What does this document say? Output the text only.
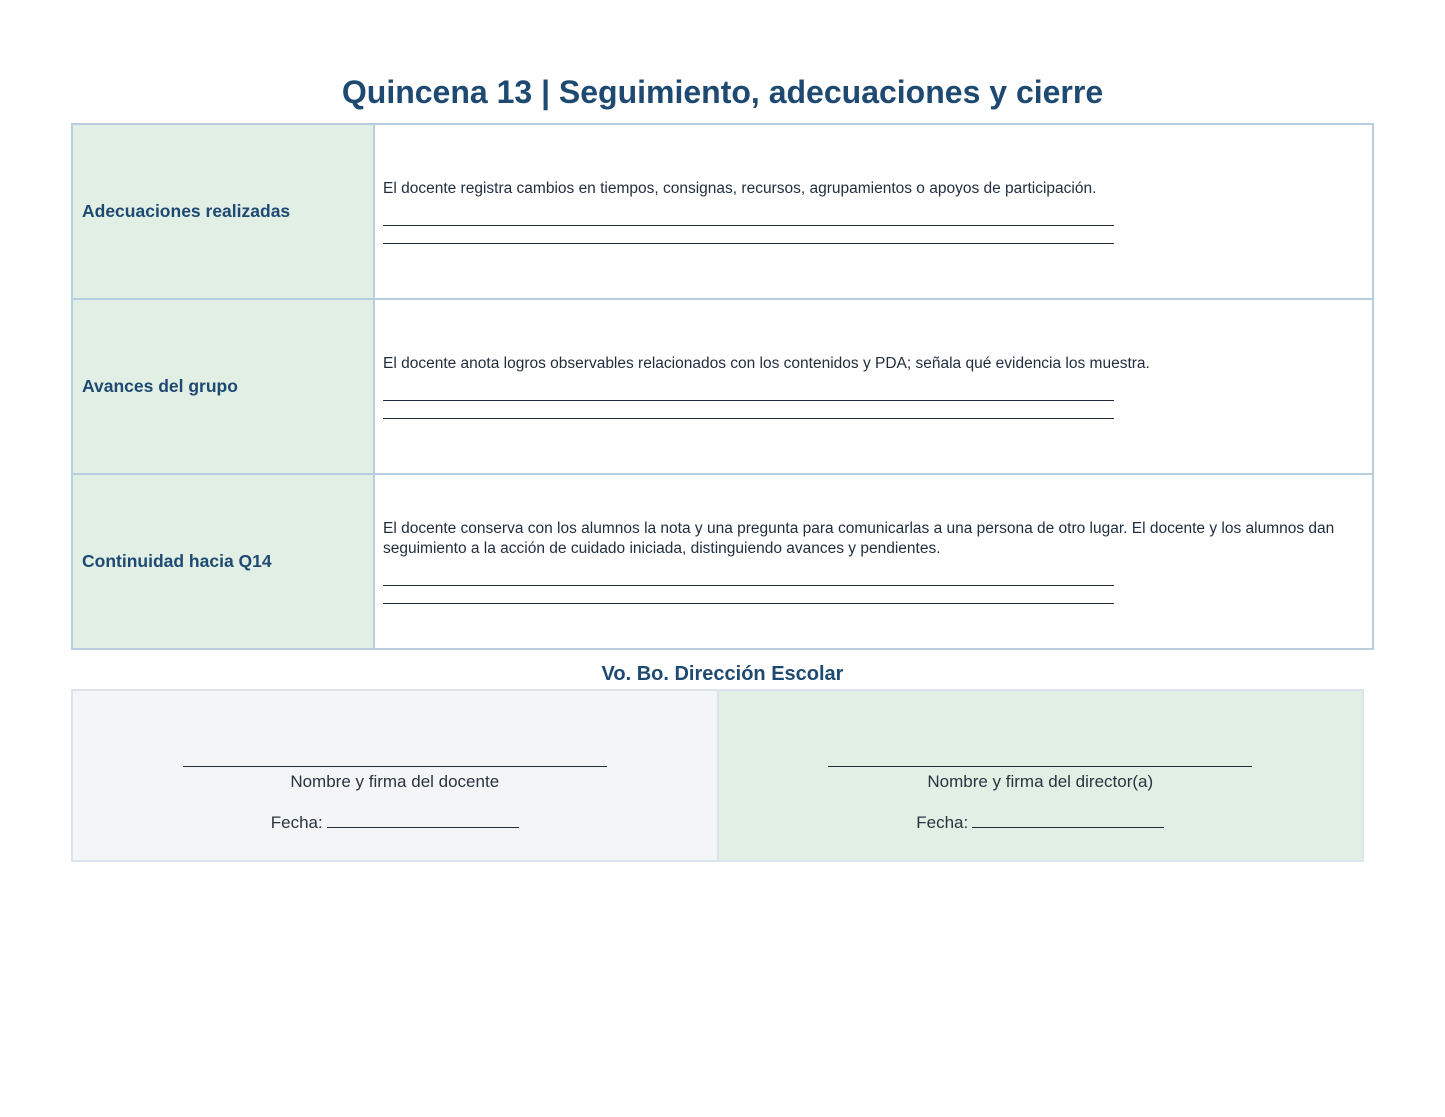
Quincena 13 | Seguimiento, adecuaciones y cierre
Adecuaciones realizadas	El docente registra cambios en tiempos, consignas, recursos, agrupamientos o apoyos de participación.

Avances del grupo	El docente anota logros observables relacionados con los contenidos y PDA; señala qué evidencia los muestra.

Continuidad hacia Q14	El docente conserva con los alumnos la nota y una pregunta para comunicarlas a una persona de otro lugar. El docente y los alumnos dan seguimiento a la acción de cuidado iniciada, distinguiendo avances y pendientes.
Vo. Bo. Dirección Escolar
Nombre y firma del docente
Fecha:

Nombre y firma del director(a)
Fecha:
